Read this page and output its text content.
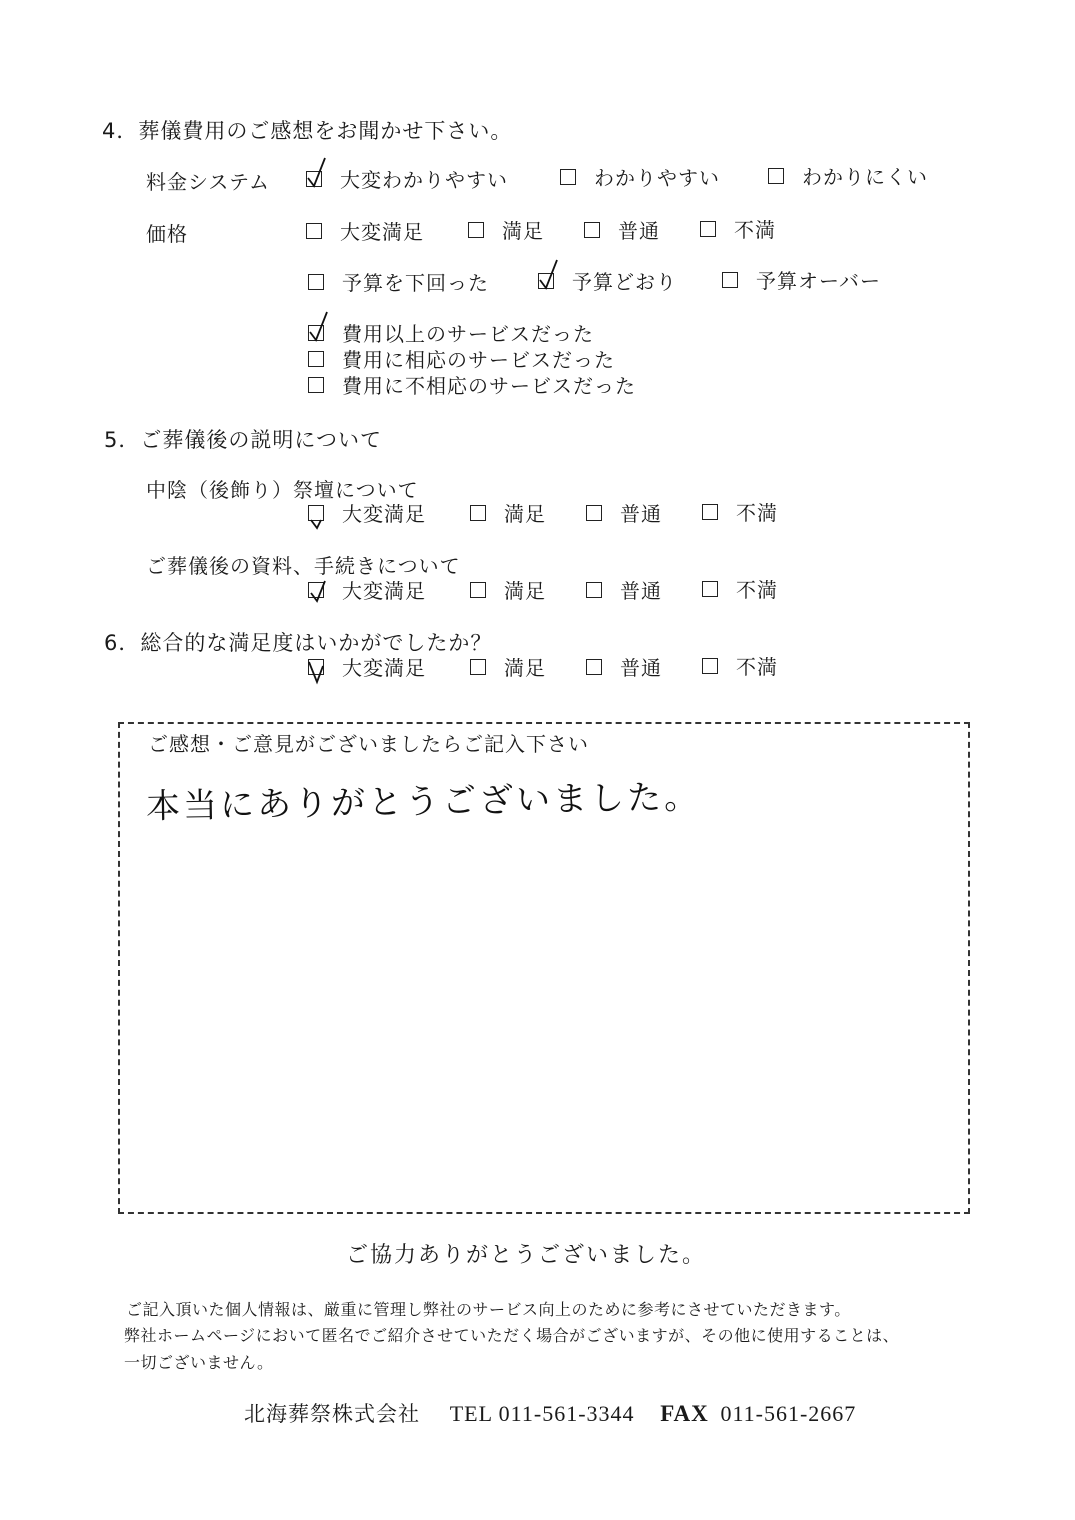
4．葬儀費用のご感想をお聞かせ下さい。
料金システム	大変わかりやすい	わかりやすい	わかりにくい
価格	大変満足	満足	普通	不満
予算を下回った	予算どおり	予算オーバー
費用以上のサービスだった
費用に相応のサービスだった
費用に不相応のサービスだった
5．ご葬儀後の説明について
中陰（後飾り）祭壇について
大変満足	満足	普通	不満
ご葬儀後の資料、手続きについて
大変満足	満足	普通	不満
6．総合的な満足度はいかがでしたか？
大変満足	満足	普通	不満
ご感想・ご意見がございましたらご記入下さい
本当にありがとうございました。
ご協力ありがとうございました。
ご記入頂いた個人情報は、厳重に管理し弊社のサービス向上のために参考にさせていただきます。
弊社ホームページにおいて匿名でご紹介させていただく場合がございますが、その他に使用することは、
一切ございません。
北海葬祭株式会社 TEL 011-561-3344 FAX 011-561-2667
